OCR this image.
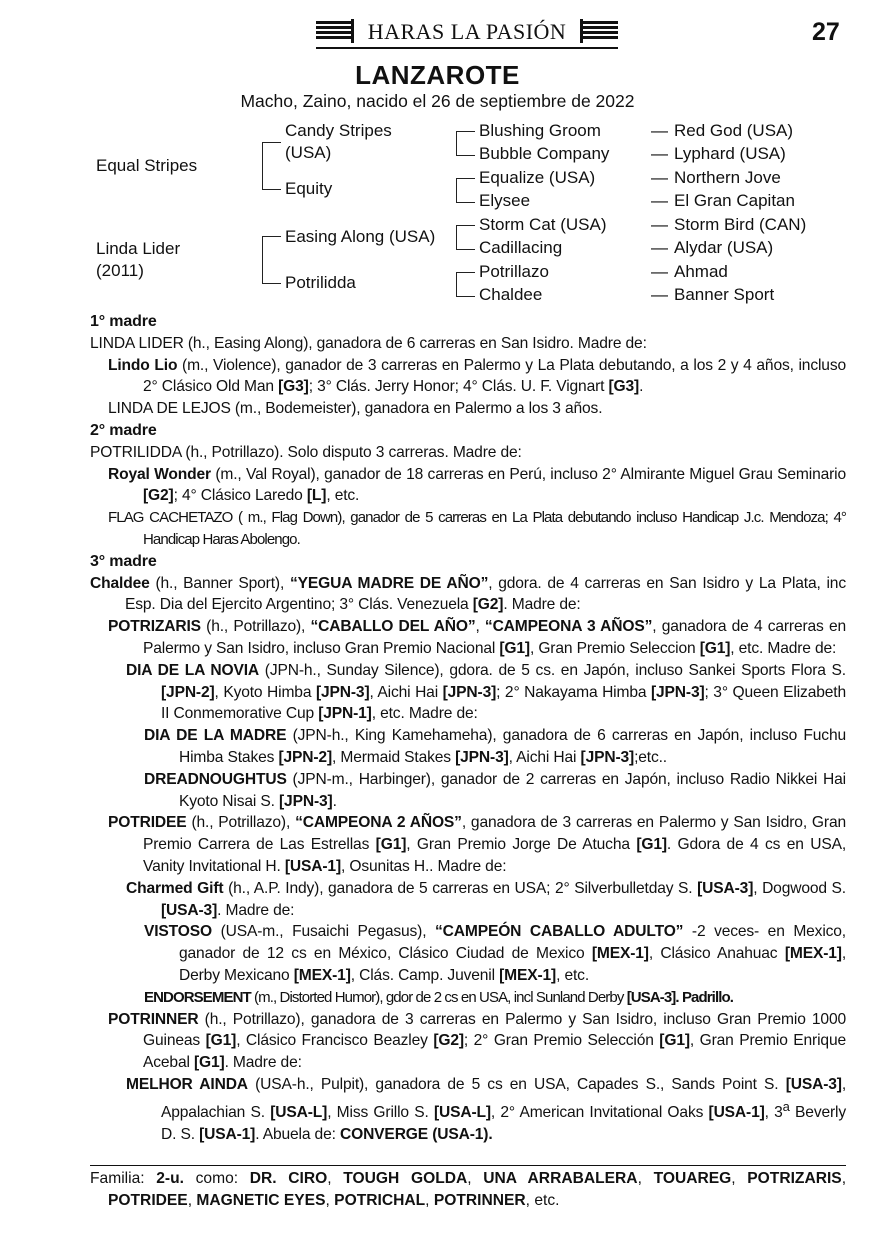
HARAS LA PASIÓN	27
LANZAROTE
Macho, Zaino, nacido el 26 de septiembre de 2022
Equal Stripes
Linda Lider
(2011)
Candy Stripes
(USA)
Equity
Easing Along (USA)
Potrilidda
Blushing Groom
Bubble Company
Equalize (USA)
Elysee
Storm Cat (USA)
Cadillacing
Potrillazo
Chaldee
Red God (USA)
—
—
—
—
—
—
—
—
Lyphard (USA)
Northern Jove
El Gran Capitan
Storm Bird (CAN)
Alydar (USA)
Ahmad
Banner Sport

1° madre

LINDA LIDER (h., Easing Along), ganadora de 6 carreras en San Isidro. Madre de:

Lindo Lio (m., Violence), ganador de 3 carreras en Palermo y La Plata debutando, a los 2 y 4 años, incluso 2° Clásico Old Man [G3]; 3° Clás. Jerry Honor; 4° Clás. U. F. Vignart [G3].

LINDA DE LEJOS (m., Bodemeister), ganadora en Palermo a los 3 años.

2° madre

POTRILIDDA (h., Potrillazo). Solo disputo 3 carreras. Madre de:

Royal Wonder (m., Val Royal), ganador de 18 carreras en Perú, incluso 2° Almirante Miguel Grau Seminario [G2]; 4° Clásico Laredo [L], etc.

FLAG CACHETAZO ( m., Flag Down), ganador de 5 carreras en La Plata debutando incluso Handicap J.c. Mendoza; 4° Handicap Haras Abolengo.

3° madre

Chaldee (h., Banner Sport), “YEGUA MADRE DE AÑO”, gdora. de 4 carreras en San Isidro y La Plata, inc Esp. Dia del Ejercito Argentino; 3° Clás. Venezuela [G2]. Madre de:

POTRIZARIS (h., Potrillazo), “CABALLO DEL AÑO”, “CAMPEONA 3 AÑOS”, ganadora de 4 carreras en Palermo y San Isidro, incluso Gran Premio Nacional [G1], Gran Premio Seleccion [G1], etc. Madre de:

DIA DE LA NOVIA (JPN-h., Sunday Silence), gdora. de 5 cs. en Japón, incluso Sankei Sports Flora S. [JPN-2], Kyoto Himba [JPN-3], Aichi Hai [JPN-3]; 2° Nakayama Himba [JPN-3]; 3° Queen Elizabeth II Conmemorative Cup [JPN-1], etc. Madre de:

DIA DE LA MADRE (JPN-h., King Kamehameha), ganadora de 6 carreras en Japón, incluso Fuchu Himba Stakes [JPN-2], Mermaid Stakes [JPN-3], Aichi Hai [JPN-3];etc..

DREADNOUGHTUS (JPN-m., Harbinger), ganador de 2 carreras en Japón, incluso Radio Nikkei Hai Kyoto Nisai S. [JPN-3].

POTRIDEE (h., Potrillazo), “CAMPEONA 2 AÑOS”, ganadora de 3 carreras en Palermo y San Isidro, Gran Premio Carrera de Las Estrellas [G1], Gran Premio Jorge De Atucha [G1]. Gdora de 4 cs en USA, Vanity Invitational H. [USA-1], Osunitas H.. Madre de:

Charmed Gift (h., A.P. Indy), ganadora de 5 carreras en USA; 2° Silverbulletday S. [USA-3], Dogwood S. [USA-3]. Madre de:

VISTOSO (USA-m., Fusaichi Pegasus), “CAMPEÓN CABALLO ADULTO” -2 veces- en Mexico, ganador de 12 cs en México, Clásico Ciudad de Mexico [MEX-1], Clásico Anahuac [MEX-1], Derby Mexicano [MEX-1], Clás. Camp. Juvenil [MEX-1], etc.

ENDORSEMENT (m., Distorted Humor), gdor de 2 cs en USA, incl Sunland Derby [USA-3]. Padrillo.

POTRINNER (h., Potrillazo), ganadora de 3 carreras en Palermo y San Isidro, incluso Gran Premio 1000 Guineas [G1], Clásico Francisco Beazley [G2]; 2° Gran Premio Selección [G1], Gran Premio Enrique Acebal [G1]. Madre de:

MELHOR AINDA (USA-h., Pulpit), ganadora de 5 cs en USA, Capades S., Sands Point S. [USA-3], Appalachian S. [USA-L], Miss Grillo S. [USA-L], 2° American Invitational Oaks [USA-1], 3$^a$ Beverly D. S. [USA-1]. Abuela de: CONVERGE (USA-1).

Familia: 2-u. como: DR. CIRO, TOUGH GOLDA, UNA ARRABALERA, TOUAREG, POTRIZARIS, POTRIDEE, MAGNETIC EYES, POTRICHAL, POTRINNER, etc.
